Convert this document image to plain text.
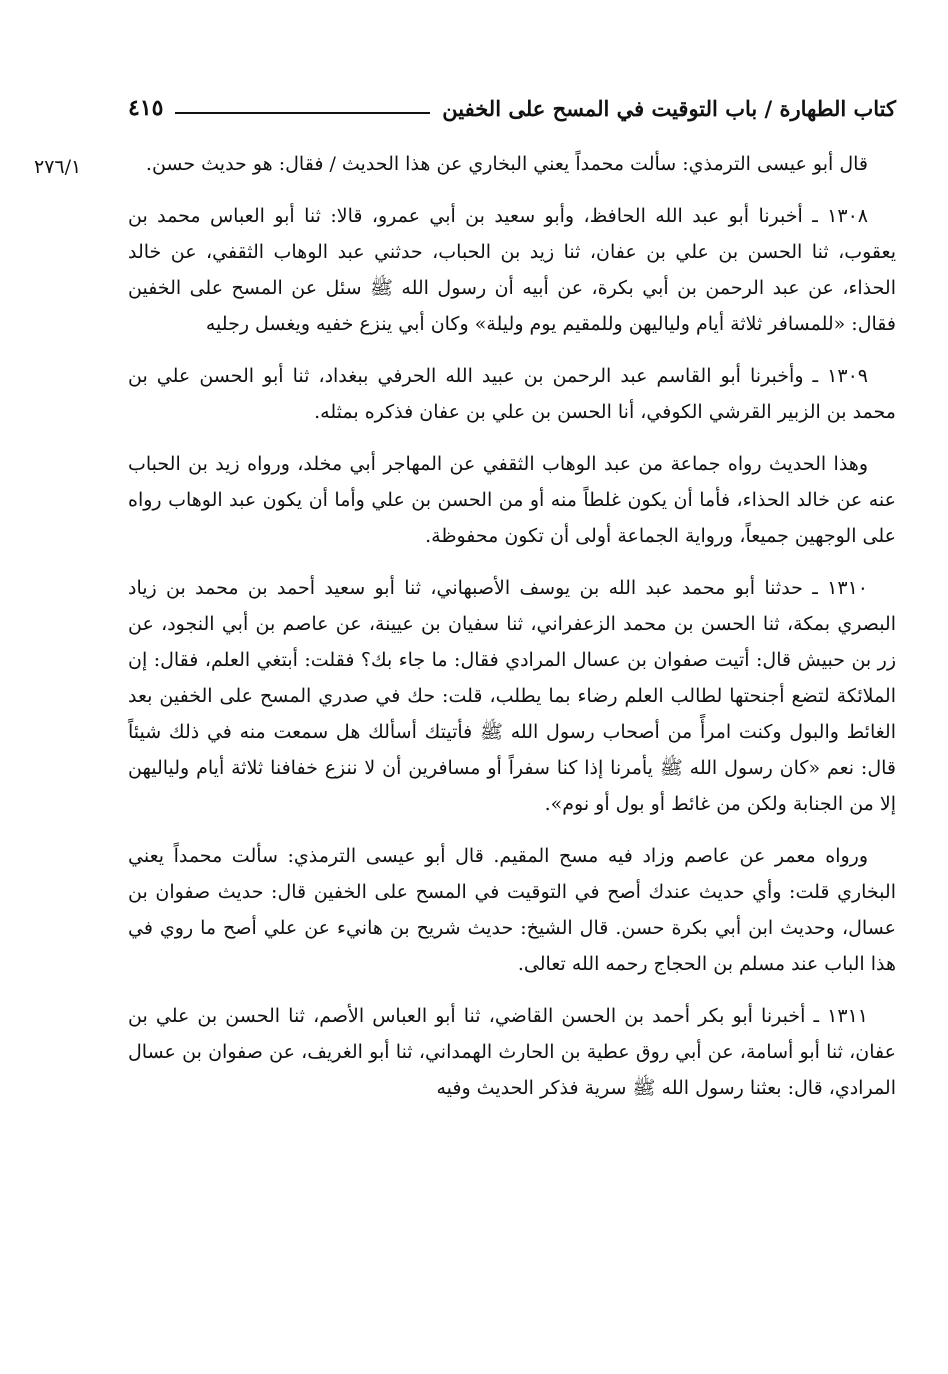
كتاب الطهارة / باب التوقيت في المسح على الخفين
٤١٥
٢٧٦/١	قال أبو عيسى الترمذي: سألت محمداً يعني البخاري عن هذا الحديث / فقال: هو حديث حسن.

١٣٠٨ ـ أخبرنا أبو عبد الله الحافظ، وأبو سعيد بن أبي عمرو، قالا: ثنا أبو العباس محمد بن يعقوب، ثنا الحسن بن علي بن عفان، ثنا زيد بن الحباب، حدثني عبد الوهاب الثقفي، عن خالد الحذاء، عن عبد الرحمن بن أبي بكرة، عن أبيه أن رسول الله ﷺ سئل عن المسح على الخفين فقال: «للمسافر ثلاثة أيام ولياليهن وللمقيم يوم وليلة» وكان أبي ينزع خفيه ويغسل رجليه

١٣٠٩ ـ وأخبرنا أبو القاسم عبد الرحمن بن عبيد الله الحرفي ببغداد، ثنا أبو الحسن علي بن محمد بن الزبير القرشي الكوفي، أنا الحسن بن علي بن عفان فذكره بمثله.

وهذا الحديث رواه جماعة من عبد الوهاب الثقفي عن المهاجر أبي مخلد، ورواه زيد بن الحباب عنه عن خالد الحذاء، فأما أن يكون غلطاً منه أو من الحسن بن علي وأما أن يكون عبد الوهاب رواه على الوجهين جميعاً، ورواية الجماعة أولى أن تكون محفوظة.

١٣١٠ ـ حدثنا أبو محمد عبد الله بن يوسف الأصبهاني، ثنا أبو سعيد أحمد بن محمد بن زياد البصري بمكة، ثنا الحسن بن محمد الزعفراني، ثنا سفيان بن عيينة، عن عاصم بن أبي النجود، عن زر بن حبيش قال: أتيت صفوان بن عسال المرادي فقال: ما جاء بك؟ فقلت: أبتغي العلم، فقال: إن الملائكة لتضع أجنحتها لطالب العلم رضاء بما يطلب، قلت: حك في صدري المسح على الخفين بعد الغائط والبول وكنت امرأً من أصحاب رسول الله ﷺ فأتيتك أسألك هل سمعت منه في ذلك شيئاً قال: نعم «كان رسول الله ﷺ يأمرنا إذا كنا سفراً أو مسافرين أن لا ننزع خفافنا ثلاثة أيام ولياليهن إلا من الجنابة ولكن من غائط أو بول أو نوم».

ورواه معمر عن عاصم وزاد فيه مسح المقيم. قال أبو عيسى الترمذي: سألت محمداً يعني البخاري قلت: وأي حديث عندك أصح في التوقيت في المسح على الخفين قال: حديث صفوان بن عسال، وحديث ابن أبي بكرة حسن. قال الشيخ: حديث شريح بن هانيء عن علي أصح ما روي في هذا الباب عند مسلم بن الحجاج رحمه الله تعالى.

١٣١١ ـ أخبرنا أبو بكر أحمد بن الحسن القاضي، ثنا أبو العباس الأصم، ثنا الحسن بن علي بن عفان، ثنا أبو أسامة، عن أبي روق عطية بن الحارث الهمداني، ثنا أبو الغريف، عن صفوان بن عسال المرادي، قال: بعثنا رسول الله ﷺ سرية فذكر الحديث وفيه
